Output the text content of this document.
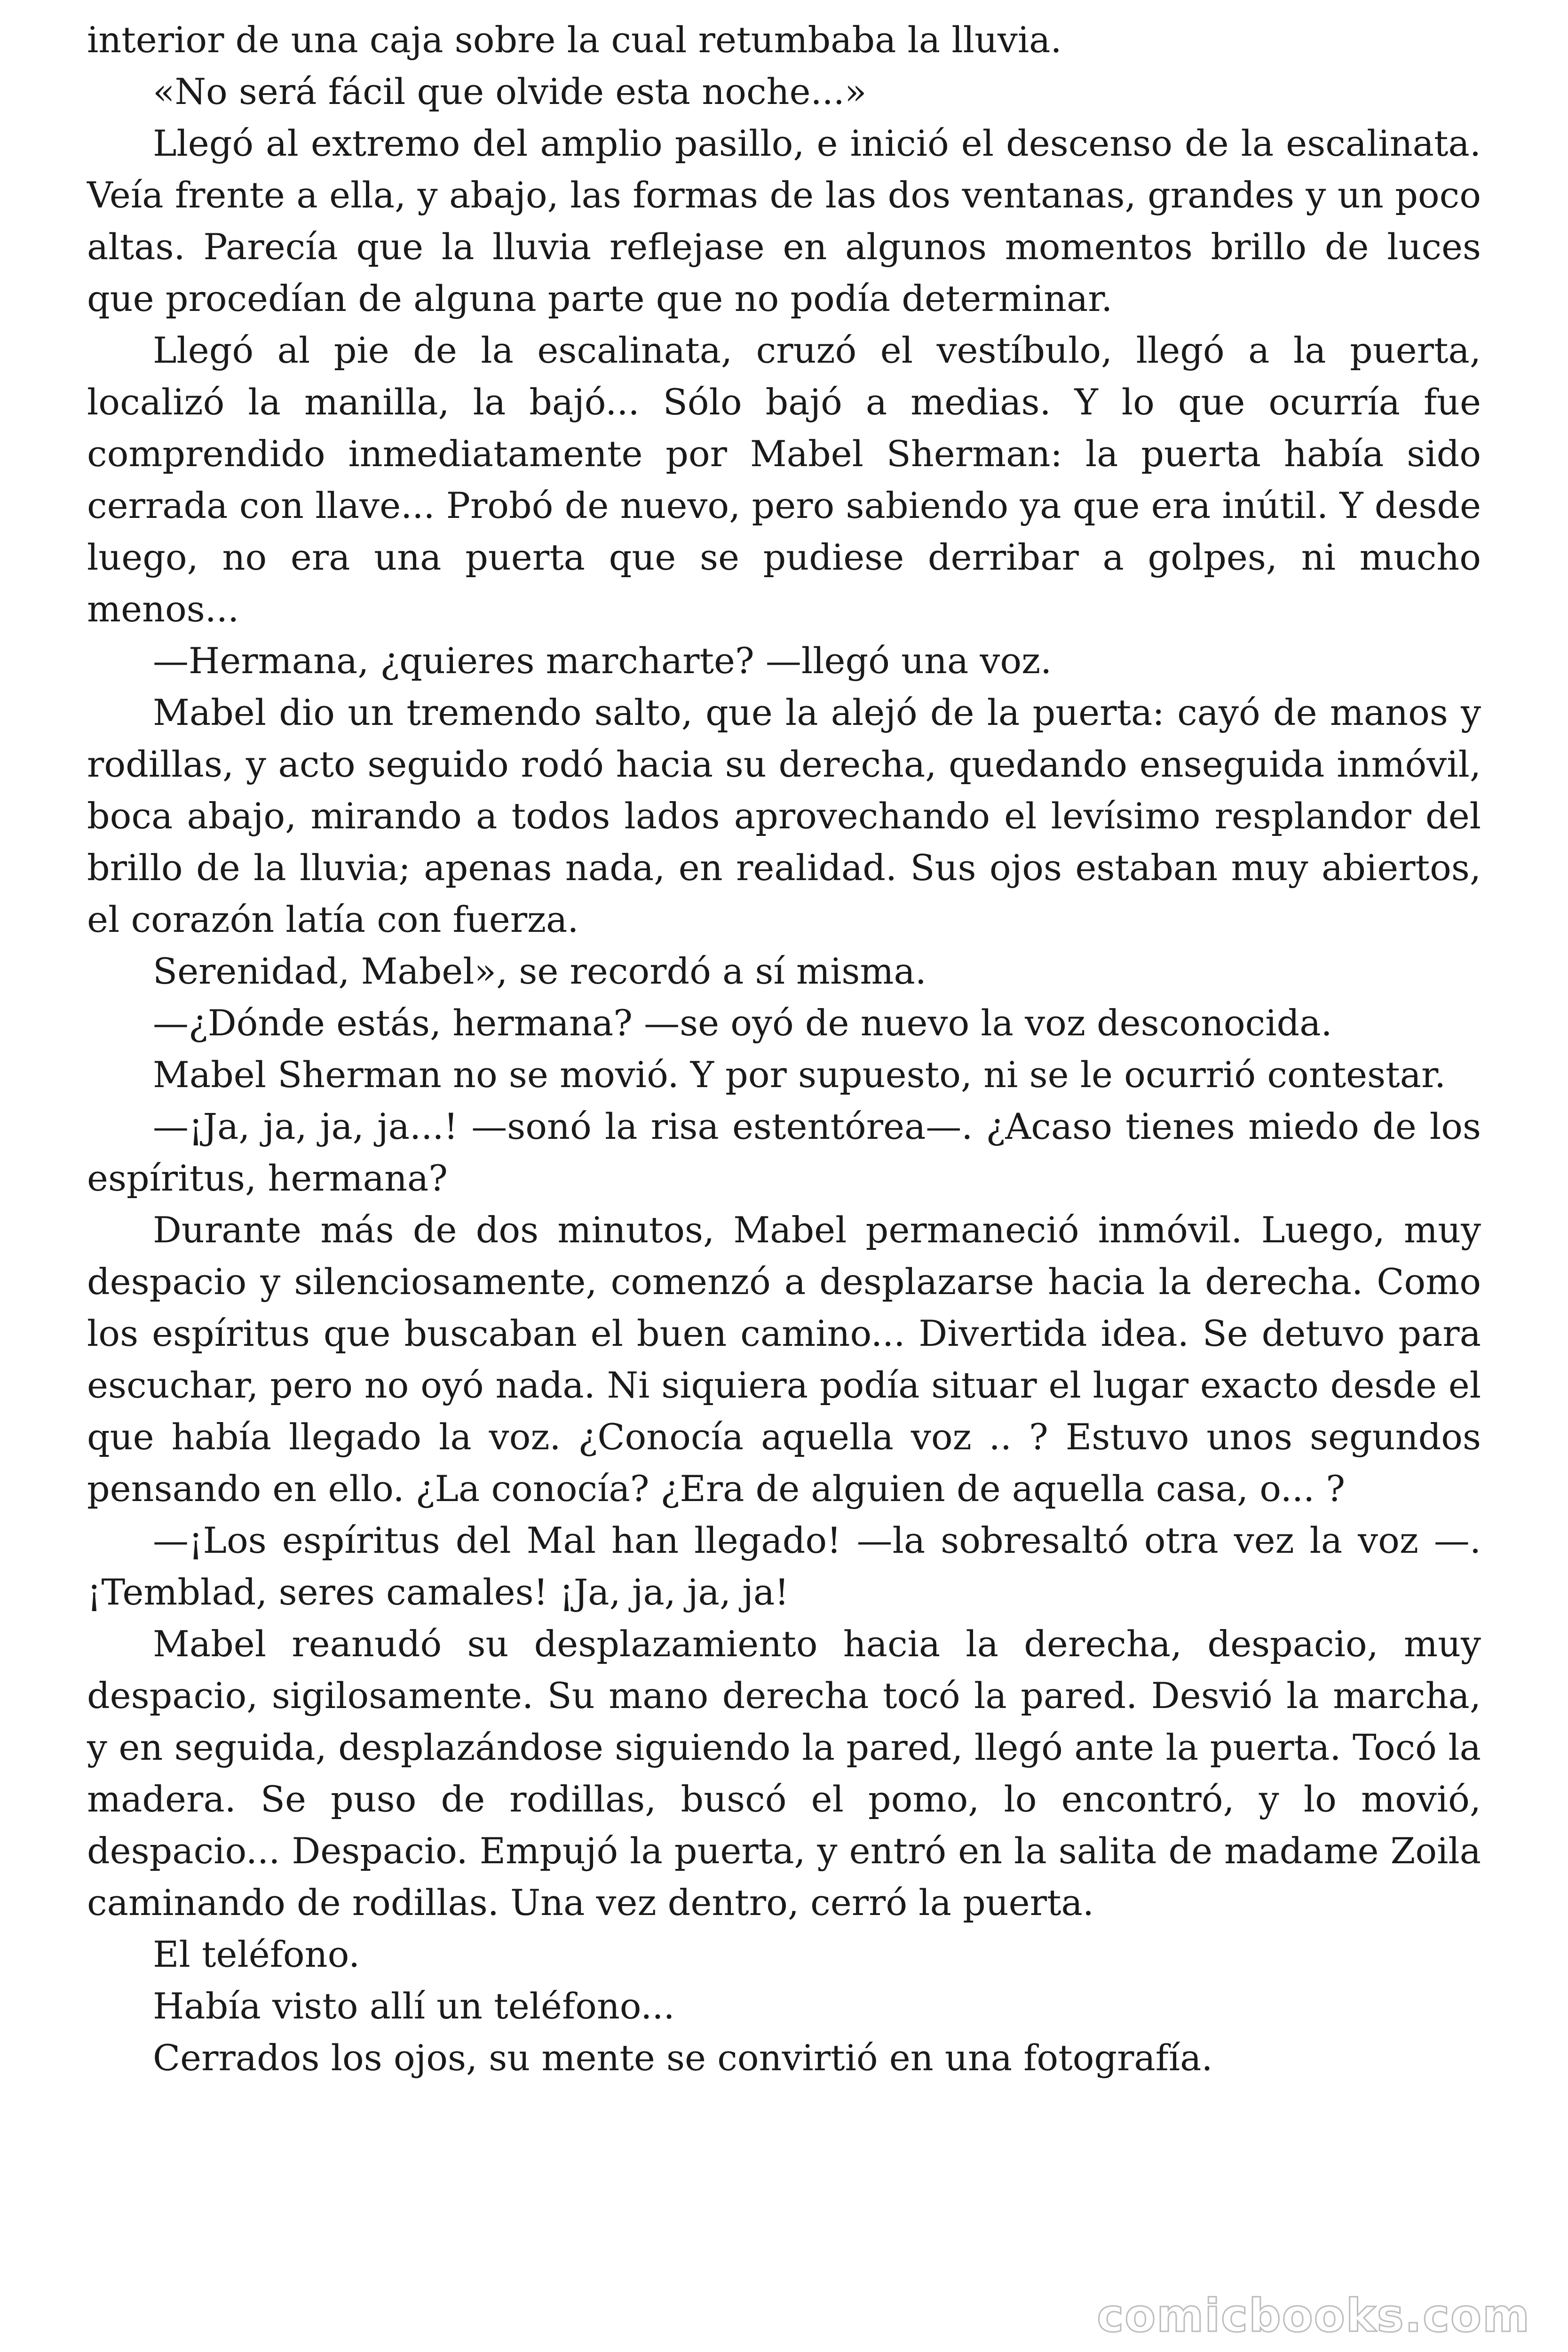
interior de una caja sobre la cual retumbaba la lluvia.

«No será fácil que olvide esta noche...»

Llegó al extremo del amplio pasillo, e inició el descenso de la escalinata. Veía frente a ella, y abajo, las formas de las dos ventanas, grandes y un poco altas. Parecía que la lluvia reflejase en algunos momentos brillo de luces que procedían de alguna parte que no podía determinar.

Llegó al pie de la escalinata, cruzó el vestíbulo, llegó a la puerta, localizó la manilla, la bajó... Sólo bajó a medias. Y lo que ocurría fue comprendido inmediatamente por Mabel Sherman: la puerta había sido cerrada con llave... Probó de nuevo, pero sabiendo ya que era inútil. Y desde luego, no era una puerta que se pudiese derribar a golpes, ni mucho menos...

—Hermana, ¿quieres marcharte? —llegó una voz.

Mabel dio un tremendo salto, que la alejó de la puerta: cayó de manos y rodillas, y acto seguido rodó hacia su derecha, quedando enseguida inmóvil, boca abajo, mirando a todos lados aprovechando el levísimo resplandor del brillo de la lluvia; apenas nada, en realidad. Sus ojos estaban muy abiertos, el corazón latía con fuerza.

Serenidad, Mabel», se recordó a sí misma.

—¿Dónde estás, hermana? —se oyó de nuevo la voz desconocida.

Mabel Sherman no se movió. Y por supuesto, ni se le ocurrió contestar.

—¡Ja, ja, ja, ja...! —sonó la risa estentórea—. ¿Acaso tienes miedo de los espíritus, hermana?

Durante más de dos minutos, Mabel permaneció inmóvil. Luego, muy despacio y silenciosamente, comenzó a desplazarse hacia la derecha. Como los espíritus que buscaban el buen camino... Divertida idea. Se detuvo para escuchar, pero no oyó nada. Ni siquiera podía situar el lugar exacto desde el que había llegado la voz. ¿Conocía aquella voz .. ? Estuvo unos segundos pensando en ello. ¿La conocía? ¿Era de alguien de aquella casa, o... ?

—¡Los espíritus del Mal han llegado! —la sobresaltó otra vez la voz —. ¡Temblad, seres camales! ¡Ja, ja, ja, ja!

Mabel reanudó su desplazamiento hacia la derecha, despacio, muy despacio, sigilosamente. Su mano derecha tocó la pared. Desvió la marcha, y en seguida, desplazándose siguiendo la pared, llegó ante la puerta. Tocó la madera. Se puso de rodillas, buscó el pomo, lo encontró, y lo movió, despacio... Despacio. Empujó la puerta, y entró en la salita de madame Zoila caminando de rodillas. Una vez dentro, cerró la puerta.

El teléfono.

Había visto allí un teléfono...

Cerrados los ojos, su mente se convirtió en una fotografía.

comicbooks.com
